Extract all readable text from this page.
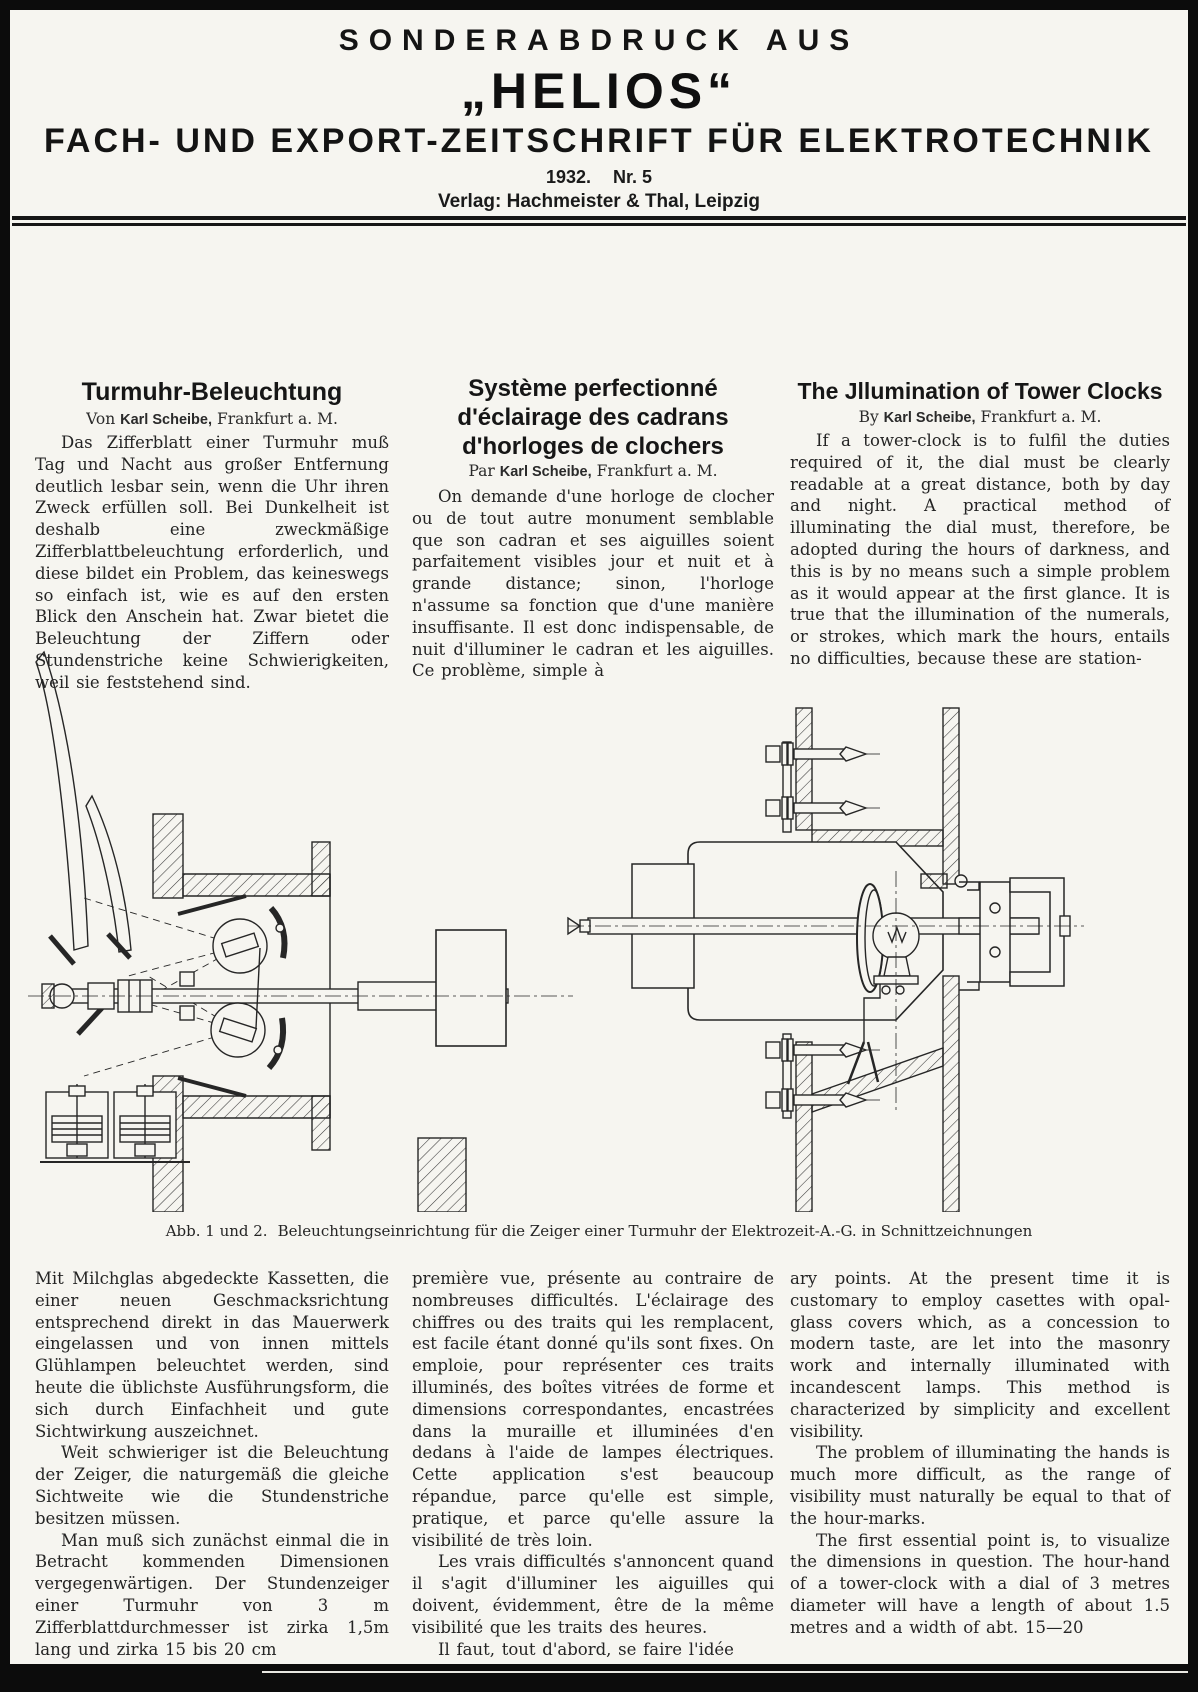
SONDERABDRUCK AUS
„HELIOS“
FACH- UND EXPORT-ZEITSCHRIFT FÜR ELEKTROTECHNIK
1932. Nr. 5
Verlag: Hachmeister & Thal, Leipzig
Turmuhr-Beleuchtung
Von Karl Scheibe, Frankfurt a. M.

Das Zifferblatt einer Turmuhr muß Tag und Nacht aus großer Entfernung deutlich lesbar sein, wenn die Uhr ihren Zweck erfüllen soll. Bei Dunkelheit ist deshalb eine zweckmäßige Zifferblattbeleuchtung erforderlich, und diese bildet ein Problem, das keineswegs so einfach ist, wie es auf den ersten Blick den Anschein hat. Zwar bietet die Beleuchtung der Ziffern oder Stundenstriche keine Schwierigkeiten, weil sie feststehend sind.

Système perfectionné
d'éclairage des cadrans
d'horloges de clochers
Par Karl Scheibe, Frankfurt a. M.

On demande d'une horloge de clocher ou de tout autre monument semblable que son cadran et ses aiguilles soient parfaitement visibles jour et nuit et à grande distance; sinon, l'horloge n'assume sa fonction que d'une manière insuffisante. Il est donc indispensable, de nuit d'illuminer le cadran et les aiguilles. Ce problème, simple à

The Jllumination of Tower Clocks
By Karl Scheibe, Frankfurt a. M.

If a tower-clock is to fulfil the duties required of it, the dial must be clearly readable at a great distance, both by day and night. A practical method of illuminating the dial must, therefore, be adopted during the hours of darkness, and this is by no means such a simple problem as it would appear at the first glance. It is true that the illumination of the numerals, or strokes, which mark the hours, entails no difficulties, because these are station-

Abb. 1 und 2. Beleuchtungseinrichtung für die Zeiger einer Turmuhr der Elektrozeit-A.-G. in Schnittzeichnungen

Mit Milchglas abgedeckte Kassetten, die einer neuen Geschmacksrichtung entsprechend direkt in das Mauerwerk eingelassen und von innen mittels Glühlampen beleuchtet werden, sind heute die üblichste Ausführungsform, die sich durch Einfachheit und gute Sichtwirkung auszeichnet.

Weit schwieriger ist die Beleuchtung der Zeiger, die naturgemäß die gleiche Sichtweite wie die Stundenstriche besitzen müssen.

Man muß sich zunächst einmal die in Betracht kommenden Dimensionen vergegenwärtigen. Der Stundenzeiger einer Turmuhr von 3 m Zifferblattdurchmesser ist zirka 1,5m lang und zirka 15 bis 20 cm

première vue, présente au contraire de nombreuses difficultés. L'éclairage des chiffres ou des traits qui les remplacent, est facile étant donné qu'ils sont fixes. On emploie, pour représenter ces traits illuminés, des boîtes vitrées de forme et dimensions correspondantes, encastrées dans la muraille et illuminées d'en dedans à l'aide de lampes électriques. Cette application s'est beaucoup répandue, parce qu'elle est simple, pratique, et parce qu'elle assure la visibilité de très loin.

Les vrais difficultés s'annoncent quand il s'agit d'illuminer les aiguilles qui doivent, évidemment, être de la même visibilité que les traits des heures.

Il faut, tout d'abord, se faire l'idée

ary points. At the present time it is customary to employ casettes with opal-glass covers which, as a concession to modern taste, are let into the masonry work and internally illuminated with incandescent lamps. This method is characterized by simplicity and excellent visibility.

The problem of illuminating the hands is much more difficult, as the range of visibility must naturally be equal to that of the hour-marks.

The first essential point is, to visualize the dimensions in question. The hour-hand of a tower-clock with a dial of 3 metres diameter will have a length of about 1.5 metres and a width of abt. 15—20
